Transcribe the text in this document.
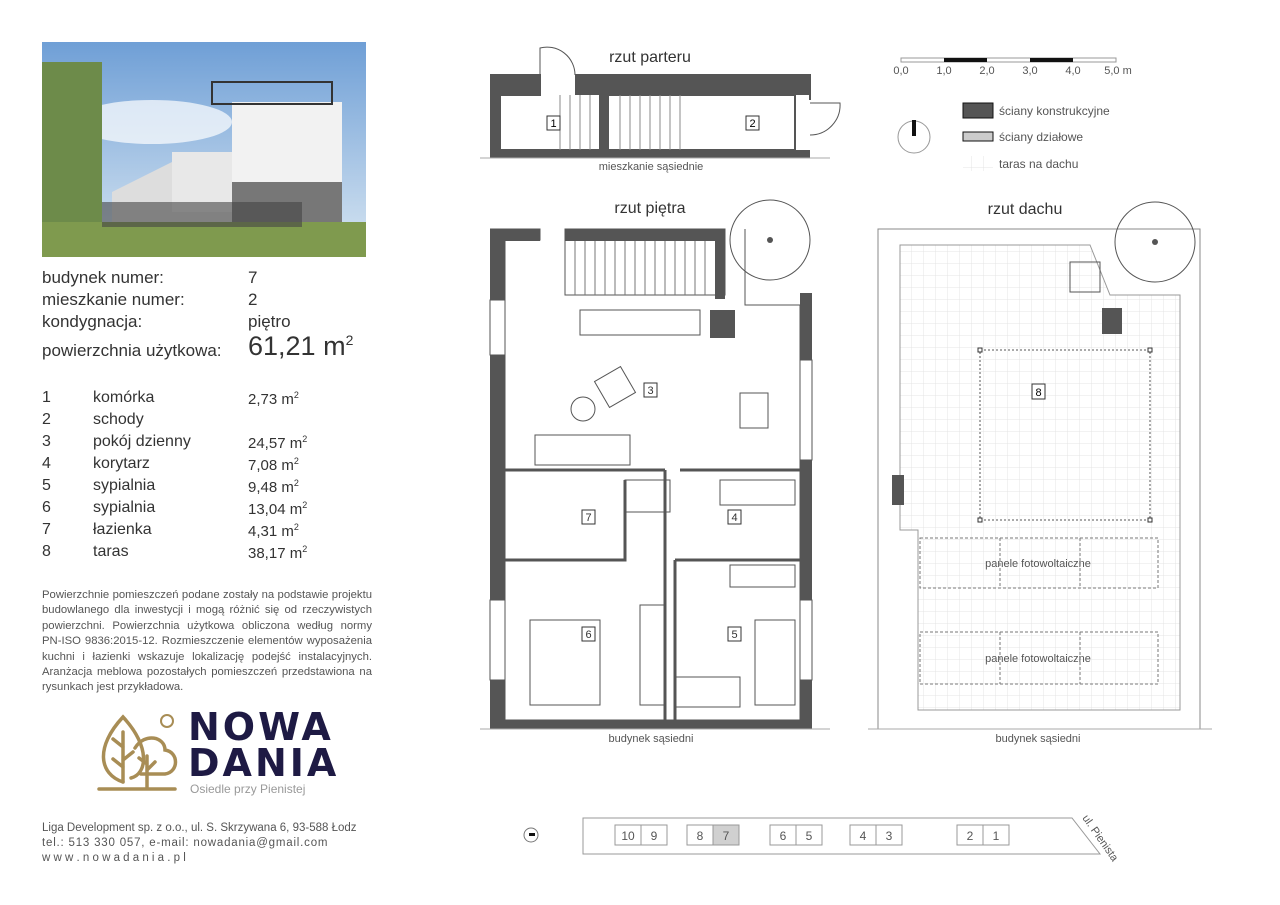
budynek numer:	7
mieszkanie numer:	2
kondygnacja:	piętro
powierzchnia użytkowa: 61,21 $m^2$
1	komórka	2,73 $m^2$
2	schody
3	pokój dzienny	24,57 $m^2$
4	korytarz	7,08 $m^2$
5	sypialnia	9,48 $m^2$
6	sypialnia	13,04 $m^2$
7	łazienka	4,31 $m^2$
8	taras	38,17 $m^2$
Powierzchnie pomieszczeń podane zostały na podstawie projektu budowlanego dla inwestycji i mogą różnić się od rzeczywistych powierzchni. Powierzchnia użytkowa obliczona według normy PN-ISO 9836:2015-12. Rozmieszczenie elementów wyposażenia kuchni i łazienki wskazuje lokalizację podejść instalacyjnych. Aranżacja meblowa pozostałych pomieszczeń przedstawiona na rysunkach jest przykładowa.
NOWA
DANIA
Osiedle przy Pienistej
Liga Development sp. z o.o., ul. S. Skrzywana 6, 93-588 Łodz
tel.: 513 330 057, e-mail: nowadania@gmail.com
w w w . n o w a d a n i a . p l
rzut parteru
1	2
mieszkanie sąsiednie
rzut piętra
3
4
5
6
7
budynek sąsiedni
rzut dachu
8
panele fotowoltaiczne
panele fotowoltaiczne
budynek sąsiedni
0,0	1,0	2,0	3,0	4,0 5,0 m
ściany konstrukcyjne
ściany działowe
taras na dachu
10 9	8 7	6 5	4 3	2 1	ul. Pienista
